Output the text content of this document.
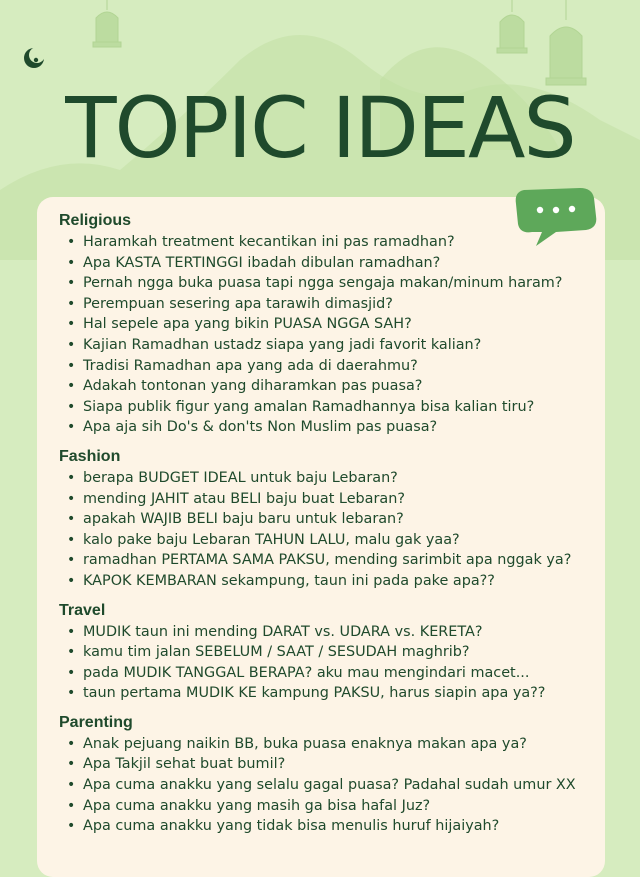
TOPIC IDEAS
Religious
• Haramkah treatment kecantikan ini pas ramadhan?
• Apa KASTA TERTINGGI ibadah dibulan ramadhan?
• Pernah ngga buka puasa tapi ngga sengaja makan/minum haram?
• Perempuan sesering apa tarawih dimasjid?
• Hal sepele apa yang bikin PUASA NGGA SAH?
• Kajian Ramadhan ustadz siapa yang jadi favorit kalian?
• Tradisi Ramadhan apa yang ada di daerahmu?
• Adakah tontonan yang diharamkan pas puasa?
• Siapa publik figur yang amalan Ramadhannya bisa kalian tiru?
• Apa aja sih Do's & don'ts Non Muslim pas puasa?
Fashion
• berapa BUDGET IDEAL untuk baju Lebaran?
• mending JAHIT atau BELI baju buat Lebaran?
• apakah WAJIB BELI baju baru untuk lebaran?
• kalo pake baju Lebaran TAHUN LALU, malu gak yaa?
• ramadhan PERTAMA SAMA PAKSU, mending sarimbit apa nggak ya?
• KAPOK KEMBARAN sekampung, taun ini pada pake apa??
Travel
• MUDIK taun ini mending DARAT vs. UDARA vs. KERETA?
• kamu tim jalan SEBELUM / SAAT / SESUDAH maghrib?
• pada MUDIK TANGGAL BERAPA? aku mau mengindari macet...
• taun pertama MUDIK KE kampung PAKSU, harus siapin apa ya??
Parenting
• Anak pejuang naikin BB, buka puasa enaknya makan apa ya?
• Apa Takjil sehat buat bumil?
• Apa cuma anakku yang selalu gagal puasa? Padahal sudah umur XX
• Apa cuma anakku yang masih ga bisa hafal Juz?
• Apa cuma anakku yang tidak bisa menulis huruf hijaiyah?
